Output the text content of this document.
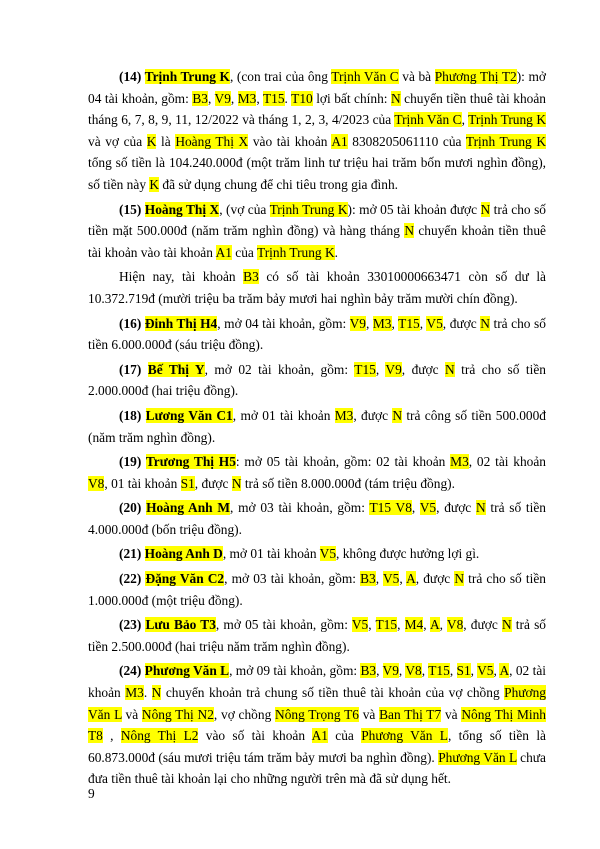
(14) Trịnh Trung K, (con trai của ông Trịnh Văn C và bà Phương Thị T2): mở 04 tài khoản, gồm: B3, V9, M3, T15. T10 lợi bất chính: N chuyển tiền thuê tài khoản tháng 6, 7, 8, 9, 11, 12/2022 và tháng 1, 2, 3, 4/2023 của Trịnh Văn C, Trịnh Trung K và vợ của K là Hoàng Thị X vào tài khoản A1 8308205061110 của Trịnh Trung K tổng số tiền là 104.240.000đ (một trăm linh tư triệu hai trăm bốn mươi nghìn đồng), số tiền này K đã sử dụng chung để chi tiêu trong gia đình.

(15) Hoàng Thị X, (vợ của Trịnh Trung K): mở 05 tài khoản được N trả cho số tiền mặt 500.000đ (năm trăm nghìn đồng) và hàng tháng N chuyển khoản tiền thuê tài khoản vào tài khoản A1 của Trịnh Trung K.

Hiện nay, tài khoản B3 có số tài khoản 33010000663471 còn số dư là 10.372.719đ (mười triệu ba trăm bảy mươi hai nghìn bảy trăm mười chín đồng).

(16) Đinh Thị H4, mở 04 tài khoản, gồm: V9, M3, T15, V5, được N trả cho số tiền 6.000.000đ (sáu triệu đồng).

(17) Bế Thị Y, mở 02 tài khoản, gồm: T15, V9, được N trả cho số tiền 2.000.000đ (hai triệu đồng).

(18) Lương Văn C1, mở 01 tài khoản M3, được N trả công số tiền 500.000đ (năm trăm nghìn đồng).

(19) Trương Thị H5: mở 05 tài khoản, gồm: 02 tài khoản M3, 02 tài khoản V8, 01 tài khoản S1, được N trả số tiền 8.000.000đ (tám triệu đồng).

(20) Hoàng Anh M, mở 03 tài khoản, gồm: T15 V8, V5, được N trả số tiền 4.000.000đ (bốn triệu đồng).

(21) Hoàng Anh D, mở 01 tài khoản V5, không được hưởng lợi gì.

(22) Đặng Văn C2, mở 03 tài khoản, gồm: B3, V5, A, được N trả cho số tiền 1.000.000đ (một triệu đồng).

(23) Lưu Bảo T3, mở 05 tài khoản, gồm: V5, T15, M4, A, V8, được N trả số tiền 2.500.000đ (hai triệu năm trăm nghìn đồng).

(24) Phương Văn L, mở 09 tài khoản, gồm: B3, V9, V8, T15, S1, V5, A, 02 tài khoản M3. N chuyển khoản trả chung số tiền thuê tài khoản của vợ chồng Phương Văn L và Nông Thị N2, vợ chồng Nông Trọng T6 và Ban Thị T7 và Nông Thị Minh T8 , Nông Thị L2 vào số tài khoản A1 của Phương Văn L, tổng số tiền là 60.873.000đ (sáu mươi triệu tám trăm bảy mươi ba nghìn đồng). Phương Văn L chưa đưa tiền thuê tài khoản lại cho những người trên mà đã sử dụng hết.

9
